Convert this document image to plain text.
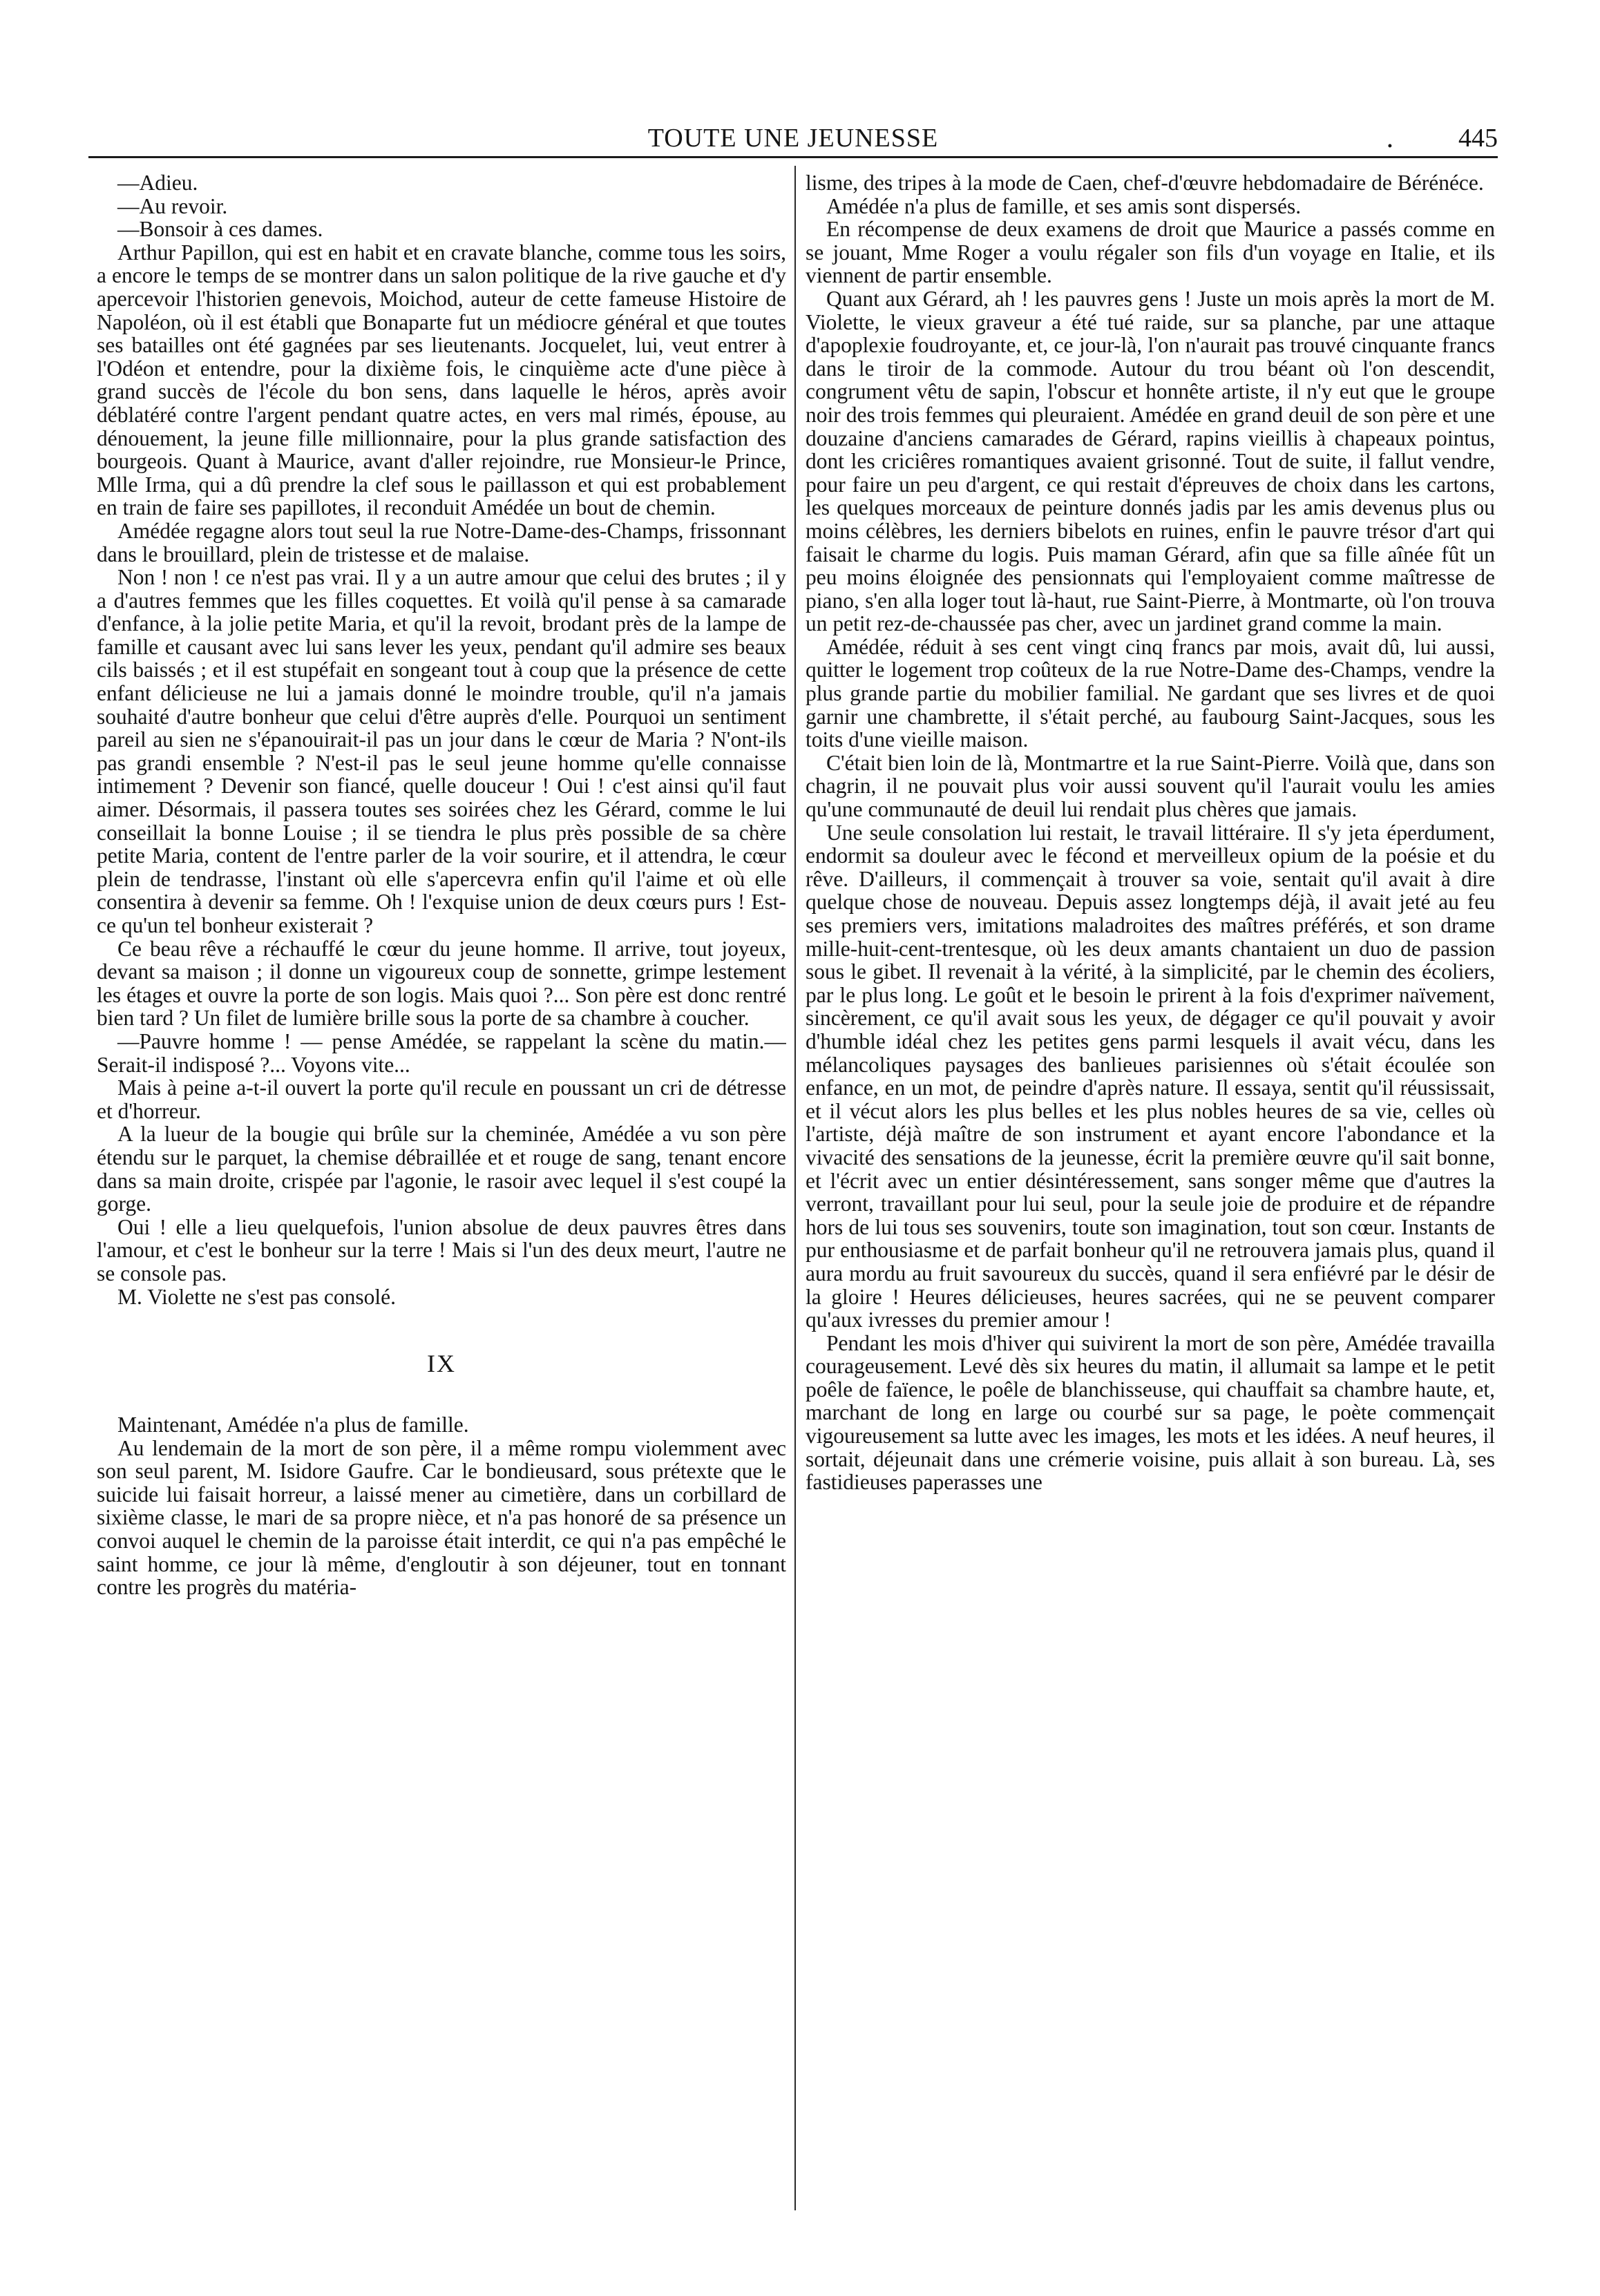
TOUTE UNE JEUNESSE	. 445

—Adieu.

—Au revoir.

—Bonsoir à ces dames.

Arthur Papillon, qui est en habit et en cravate blanche, comme tous les soirs, a encore le temps de se montrer dans un salon politique de la rive gauche et d'y apercevoir l'historien genevois, Moichod, auteur de cette fameuse Histoire de Napoléon, où il est établi que Bonaparte fut un médiocre général et que toutes ses batailles ont été gagnées par ses lieutenants. Jocquelet, lui, veut entrer à l'Odéon et entendre, pour la dixième fois, le cinquième acte d'une pièce à grand succès de l'école du bon sens, dans laquelle le héros, après avoir déblatéré contre l'argent pendant quatre actes, en vers mal rimés, épouse, au dénouement, la jeune fille millionnaire, pour la plus grande satisfaction des bourgeois. Quant à Maurice, avant d'aller rejoindre, rue Monsieur-le Prince, Mlle Irma, qui a dû prendre la clef sous le paillasson et qui est probablement en train de faire ses papillotes, il reconduit Amédée un bout de chemin.

Amédée regagne alors tout seul la rue Notre-Dame-des-Champs, frissonnant dans le brouillard, plein de tristesse et de malaise.

Non ! non ! ce n'est pas vrai. Il y a un autre amour que celui des brutes ; il y a d'autres femmes que les filles coquettes. Et voilà qu'il pense à sa camarade d'enfance, à la jolie petite Maria, et qu'il la revoit, brodant près de la lampe de famille et causant avec lui sans lever les yeux, pendant qu'il admire ses beaux cils baissés ; et il est stupéfait en songeant tout à coup que la présence de cette enfant délicieuse ne lui a jamais donné le moindre trouble, qu'il n'a jamais souhaité d'autre bonheur que celui d'être auprès d'elle. Pourquoi un sentiment pareil au sien ne s'épanouirait-il pas un jour dans le cœur de Maria ? N'ont-ils pas grandi ensemble ? N'est-il pas le seul jeune homme qu'elle connaisse intimement ? Devenir son fiancé, quelle douceur ! Oui ! c'est ainsi qu'il faut aimer. Désormais, il passera toutes ses soirées chez les Gérard, comme le lui conseillait la bonne Louise ; il se tiendra le plus près possible de sa chère petite Maria, content de l'entre parler de la voir sourire, et il attendra, le cœur plein de tendrasse, l'instant où elle s'apercevra enfin qu'il l'aime et où elle consentira à devenir sa femme. Oh ! l'exquise union de deux cœurs purs ! Est-ce qu'un tel bonheur existerait ?

Ce beau rêve a réchauffé le cœur du jeune homme. Il arrive, tout joyeux, devant sa maison ; il donne un vigoureux coup de sonnette, grimpe lestement les étages et ouvre la porte de son logis. Mais quoi ?... Son père est donc rentré bien tard ? Un filet de lumière brille sous la porte de sa chambre à coucher.

—Pauvre homme ! — pense Amédée, se rappelant la scène du matin.— Serait-il indisposé ?... Voyons vite...

Mais à peine a-t-il ouvert la porte qu'il recule en poussant un cri de détresse et d'horreur.

A la lueur de la bougie qui brûle sur la cheminée, Amédée a vu son père étendu sur le parquet, la chemise débraillée et et rouge de sang, tenant encore dans sa main droite, crispée par l'agonie, le rasoir avec lequel il s'est coupé la gorge.

Oui ! elle a lieu quelquefois, l'union absolue de deux pauvres êtres dans l'amour, et c'est le bonheur sur la terre ! Mais si l'un des deux meurt, l'autre ne se console pas.

M. Violette ne s'est pas consolé.

IX

Maintenant, Amédée n'a plus de famille.

Au lendemain de la mort de son père, il a même rompu violemment avec son seul parent, M. Isidore Gaufre. Car le bondieusard, sous prétexte que le suicide lui faisait horreur, a laissé mener au cimetière, dans un corbillard de sixième classe, le mari de sa propre nièce, et n'a pas honoré de sa présence un convoi auquel le chemin de la paroisse était interdit, ce qui n'a pas empêché le saint homme, ce jour là même, d'engloutir à son déjeuner, tout en tonnant contre les progrès du matéria-

lisme, des tripes à la mode de Caen, chef-d'œuvre hebdomadaire de Bérénéce.

Amédée n'a plus de famille, et ses amis sont dispersés.

En récompense de deux examens de droit que Maurice a passés comme en se jouant, Mme Roger a voulu régaler son fils d'un voyage en Italie, et ils viennent de partir ensemble.

Quant aux Gérard, ah ! les pauvres gens ! Juste un mois après la mort de M. Violette, le vieux graveur a été tué raide, sur sa planche, par une attaque d'apoplexie foudroyante, et, ce jour-là, l'on n'aurait pas trouvé cinquante francs dans le tiroir de la commode. Autour du trou béant où l'on descendit, congrument vêtu de sapin, l'obscur et honnête artiste, il n'y eut que le groupe noir des trois femmes qui pleuraient. Amédée en grand deuil de son père et une douzaine d'anciens camarades de Gérard, rapins vieillis à chapeaux pointus, dont les criciêres romantiques avaient grisonné. Tout de suite, il fallut vendre, pour faire un peu d'argent, ce qui restait d'épreuves de choix dans les cartons, les quelques morceaux de peinture donnés jadis par les amis devenus plus ou moins célèbres, les derniers bibelots en ruines, enfin le pauvre trésor d'art qui faisait le charme du logis. Puis maman Gérard, afin que sa fille aînée fût un peu moins éloignée des pensionnats qui l'employaient comme maîtresse de piano, s'en alla loger tout là-haut, rue Saint-Pierre, à Montmarte, où l'on trouva un petit rez-de-chaussée pas cher, avec un jardinet grand comme la main.

Amédée, réduit à ses cent vingt cinq francs par mois, avait dû, lui aussi, quitter le logement trop coûteux de la rue Notre-Dame des-Champs, vendre la plus grande partie du mobilier familial. Ne gardant que ses livres et de quoi garnir une chambrette, il s'était perché, au faubourg Saint-Jacques, sous les toits d'une vieille maison.

C'était bien loin de là, Montmartre et la rue Saint-Pierre. Voilà que, dans son chagrin, il ne pouvait plus voir aussi souvent qu'il l'aurait voulu les amies qu'une communauté de deuil lui rendait plus chères que jamais.

Une seule consolation lui restait, le travail littéraire. Il s'y jeta éperdument, endormit sa douleur avec le fécond et merveilleux opium de la poésie et du rêve. D'ailleurs, il commençait à trouver sa voie, sentait qu'il avait à dire quelque chose de nouveau. Depuis assez longtemps déjà, il avait jeté au feu ses premiers vers, imitations maladroites des maîtres préférés, et son drame mille-huit-cent-trentesque, où les deux amants chantaient un duo de passion sous le gibet. Il revenait à la vérité, à la simplicité, par le chemin des écoliers, par le plus long. Le goût et le besoin le prirent à la fois d'exprimer naïvement, sincèrement, ce qu'il avait sous les yeux, de dégager ce qu'il pouvait y avoir d'humble idéal chez les petites gens parmi lesquels il avait vécu, dans les mélancoliques paysages des banlieues parisiennes où s'était écoulée son enfance, en un mot, de peindre d'après nature. Il essaya, sentit qu'il réussissait, et il vécut alors les plus belles et les plus nobles heures de sa vie, celles où l'artiste, déjà maître de son instrument et ayant encore l'abondance et la vivacité des sensations de la jeunesse, écrit la première œuvre qu'il sait bonne, et l'écrit avec un entier désintéressement, sans songer même que d'autres la verront, travaillant pour lui seul, pour la seule joie de produire et de répandre hors de lui tous ses souvenirs, toute son imagination, tout son cœur. Instants de pur enthousiasme et de parfait bonheur qu'il ne retrouvera jamais plus, quand il aura mordu au fruit savoureux du succès, quand il sera enfiévré par le désir de la gloire ! Heures délicieuses, heures sacrées, qui ne se peuvent comparer qu'aux ivresses du premier amour !

Pendant les mois d'hiver qui suivirent la mort de son père, Amédée travailla courageusement. Levé dès six heures du matin, il allumait sa lampe et le petit poêle de faïence, le poêle de blanchisseuse, qui chauffait sa chambre haute, et, marchant de long en large ou courbé sur sa page, le poète commençait vigoureusement sa lutte avec les images, les mots et les idées. A neuf heures, il sortait, déjeunait dans une crémerie voisine, puis allait à son bureau. Là, ses fastidieuses paperasses une
